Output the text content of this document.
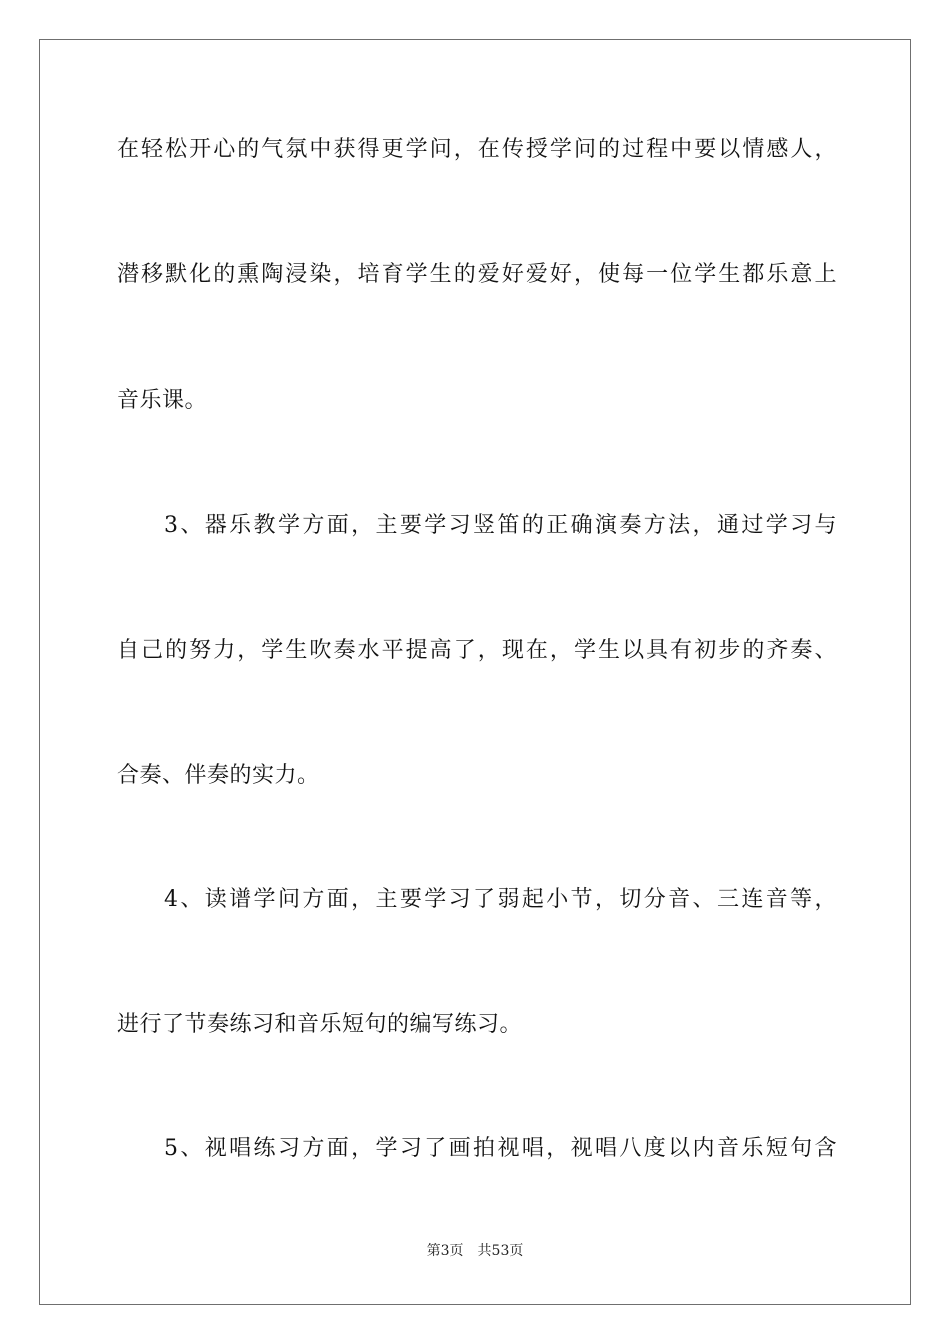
在轻松开心的气氛中获得更学问，在传授学问的过程中要以情感人，
潜移默化的熏陶浸染，培育学生的爱好爱好，使每一位学生都乐意上
音乐课。
3、器乐教学方面，主要学习竖笛的正确演奏方法，通过学习与
自己的努力，学生吹奏水平提高了，现在，学生以具有初步的齐奏、
合奏、伴奏的实力。
4、读谱学问方面，主要学习了弱起小节，切分音、三连音等，
进行了节奏练习和音乐短句的编写练习。
5、视唱练习方面，学习了画拍视唱，视唱八度以内音乐短句含
第3页 共53页
